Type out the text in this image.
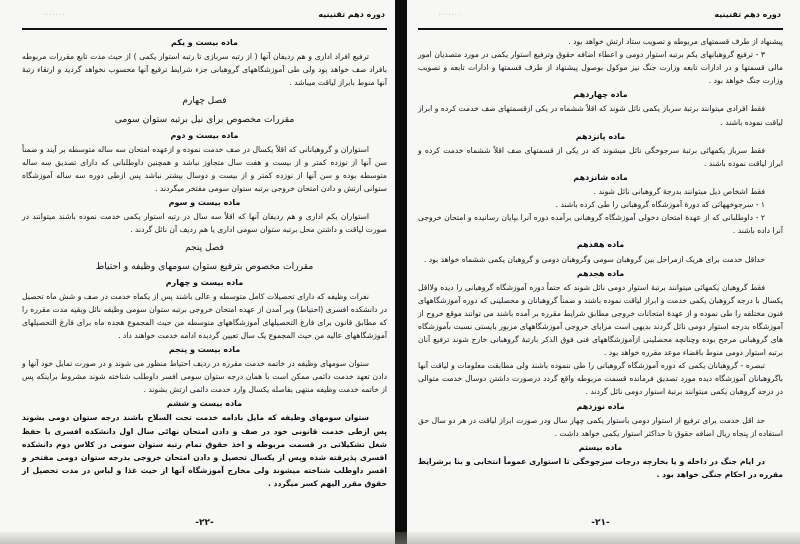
دوره دهم تقنینیه
۰۰۰۰۰۰۰
ماده بیست و یکم

ترفیع افراد اداری و هم ردیفان آنها ( از رتبه سربازی تا رتبه استوار یکمی ) از حیث مدت تابع مقررات مربوطه بافراد صف خواهد بود ولی طی آموزشگاههای گروهبانی جزء شرایط ترفیع آنها محسوب نخواهد گردید و ارتقاء رتبهٔ آنها منوط بابراز لیاقت میباشد .

فصل چهارم
مقررات مخصوص برای نیل برتبه ستوان سومی
ماده بیست و دوم

استواران و گروهبانانی که اقلاً یکسال در صف خدمت نموده و ازعهده امتحان سه ساله متوسطه بر آیند و ضمناً سن آنها از نوزده کمتر و از بیست و هفت سال متجاوز نباشد و همچنین داوطلبانی که دارای تصدیق سه ساله متوسطه بوده و سن آنها از نوزده کمتر و از بیست و دوسال بیشتر نباشد پس ازطی دوره سه ساله آموزشگاه ستوانی ارتش و دادن امتحان خروجی برتبه ستوان سومی مفتخر میگردند .

ماده بیست و سوم

استواران یکم اداری و هم ردیفان آنها که اقلاً سه سال در رتبه استوار یکمی خدمت نموده باشند میتوانند در صورت لیاقت و داشتن محل برتبه ستوان سومی اداری یا هم ردیف آن نائل گردند .

فصل پنجم
مقررات مخصوص بترفیع ستوان سومهای وظیفه و احتیاط
ماده بیست و چهارم

نفرات وظیفه که دارای تحصیلات کامل متوسطه و عالی باشند پس از یکماه خدمت در صف و شش ماه تحصیل در دانشکده افسری (احتیاط) وبر آمدن از عهده امتحان خروجی برتبه ستوان سومی وظیفه نائل وبقیه مدت مقرره را که مطابق قانون برای فارغ التحصیلهای آموزشگاههای متوسطه من حیث المجموع هجده ماه برای فارغ التحصیلهای آموزشگاههای عالیه من حیث المجموع یک سال تعیین گردیده ادامه خدمت خواهند داد .

ماده بیست و پنجم

ستوان سومهای وظیفه در خاتمه خدمت مقرره در ردیف احتیاط منظور می شوند و در صورت تمایل خود آنها و دادن تعهد خدمت دائمی ممکن است با همان درجه ستوان سومی افسر داوطلب شناخته شوند مشروط براینکه پس از خاتمه خدمت وظیفه منتهی بفاصله یکسال وارد خدمت دائمی ارتش بشوند .

ماده بیست و ششم

ستوان سومهای وظیفه که مایل بادامه خدمت تحت السلاح باشند درجه ستوان دومی بشوند پس ازطی خدمت قانونی خود در صف و دادن امتحان نهائی سال اول دانشکده افسری با حفظ شغل تشکیلاتی در قسمت مربوطه و اخذ حقوق تمام رتبه ستوان سومی در کلاس دوم دانشکده افسری پذیرفته شده وپس از یکسال تحصیل و دادن امتحان خروجی بدرجه ستوان دومی مفتخر و افسر داوطلب شناخته میشوند ولی مخارج آموزشگاه آنها از حیث غذا و لباس در مدت تحصیل از حقوق مقرر الیهم کسر میگردد .

-۲۲-
دوره دهم تقنینیه
۰۰۰۰۰۰۰

پیشنهاد از طرف قسمتهای مربوطه و تصویب ستاد ارتش خواهد بود .

۳ - ترفیع گروهبانهای یکم برتبه استوار دومی و اعطاء اضافه حقوق وترفیع استوار یکمی در مورد متصدیان امور مالی قسمتها و در ادارات تابعه وزارت جنگ نیز موکول بوصول پیشنهاد از طرف قسمتها و ادارات تابعه و تصویب وزارت جنگ خواهد بود .

ماده چهاردهم

فقط افرادی میتوانند برتبهٔ سرباز یکمی نائل شوند که اقلاً ششماه در یکی ازقسمتهای صف خدمت کرده و ابراز لیاقت نموده باشند .

ماده پانزدهم

فقط سرباز یکمهائی برتبهٔ سرجوخگی نائل میشوند که در یکی از قسمتهای صف اقلاً ششماه خدمت کرده و ابراز لیاقت نموده باشند .

ماده شانزدهم

فقط اشخاص ذیل میتوانند بدرجهٔ گروهبانی نائل شوند .

۱ - سرجوخههائی که دورهٔ آموزشگاه گروهبانی را طی کرده باشند .

۲ - داوطلبانی که از عهدهٔ امتحان دخولی آموزشگاه گروهبانی برآمده دوره آنرا بپایان رسانیده و امتحان خروجی آنرا داده باشند .

ماده هفدهم

حداقل خدمت برای هریک ازمراحل بین گروهبان سومی وگروهبان دومی و گروهبان یکمی ششماه خواهد بود .

ماده هجدهم

فقط گروهبان یکمهائی میتوانند برتبهٔ استوار دومی نائل شوند که حتماً دوره آموزشگاه گروهبانی را دیده ولااقل یکسال با درجه گروهبان یکمی خدمت و ابراز لیاقت نموده باشند و ضمناً گروهبانان و محصلینی که دوره آموزشگاههای فنون مختلفه را طی نموده و از عهدهٔ امتحانات خروجی مطابق شرایط مقرره بر آمده باشند می توانند موقع خروج از آموزشگاه بدرجه استوار دومی نائل گردند بدیهی است مزایای خروجی آموزشگاههای مزبور بایستی نسبت بآموزشگاه های گروهبانی مرجح بوده وچنانچه محصلینی ازآموزشگاههای فنی فوق الذکر بارتبهٔ گروهبانی خارج شوند ترفیع آنان برتبه استوار دومی منوط باقضاء موعد مقرره خواهد بود .

تبصره - گروهبانان یکمی که دوره آموزشگاه گروهبانی را طی ننموده باشند ولی مطابقت معلومات و لیاقت آنها باگروهبانان آموزشگاه دیده مورد تصدیق فرمانده قسمت مربوطه واقع گردد درصورت داشتن دوسال خدمت متوالی در درجه گروهبان یکمی میتوانند برتبهٔ استوار دومی نائل گردند .

ماده نوزدهم

حد اقل خدمت برای ترفیع از استوار دومی باستوار یکمی چهار سال ودر صورت ابراز لیاقت در هر دو سال حق استفاده از پنجاه ریال اضافه حقوق تا حداکثر استوار یکمی خواهد داشت .

ماده بیستم

در ایام جنگ در داخله و یا بخارجه درجات سرجوخگی تا استواری عموماً انتخابی و بنا برشرایط مقرره در احکام جنگی خواهد بود .

-۲۱-
